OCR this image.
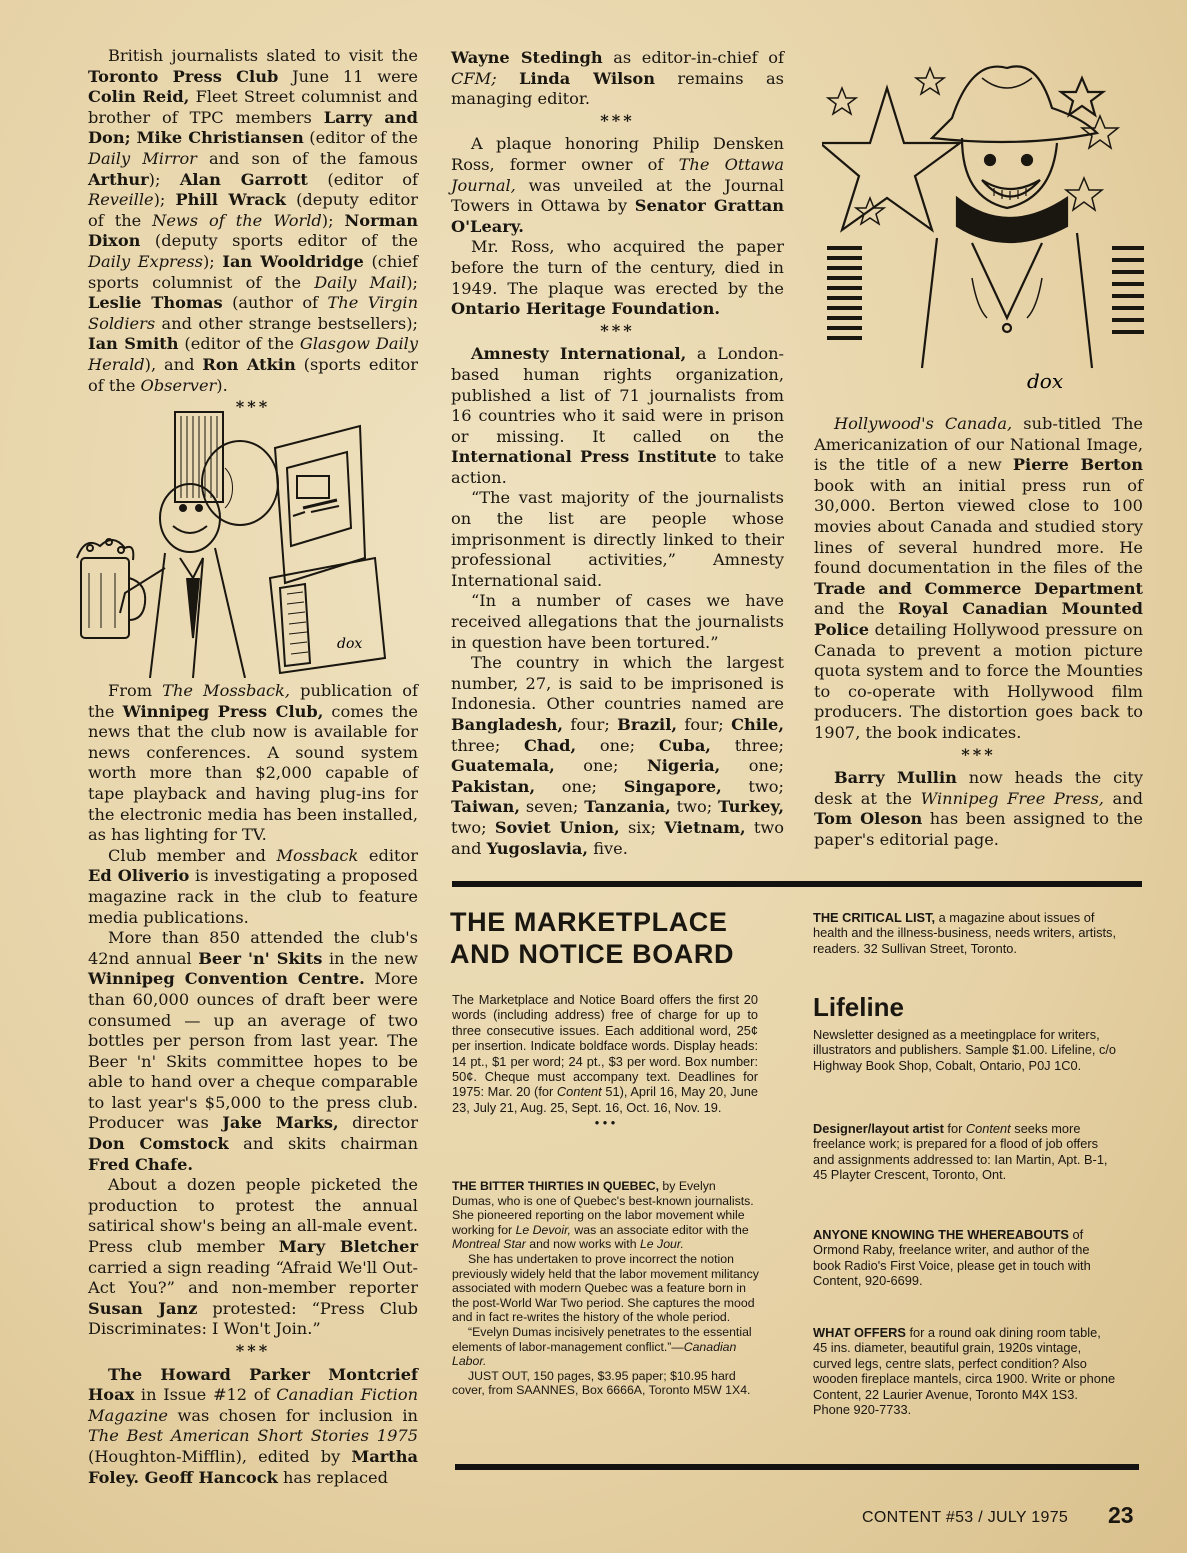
British journalists slated to visit the Toronto Press Club June 11 were Colin Reid, Fleet Street columnist and brother of TPC members Larry and Don; Mike Christiansen (editor of the Daily Mirror and son of the famous Arthur); Alan Garrott (editor of Reveille); Phill Wrack (deputy editor of the News of the World); Norman Dixon (deputy sports editor of the Daily Express); Ian Wooldridge (chief sports columnist of the Daily Mail); Leslie Thomas (author of The Virgin Soldiers and other strange bestsellers); Ian Smith (editor of the Glasgow Daily Herald), and Ron Atkin (sports editor of the Observer).

***
dox

From The Mossback, publication of the Winnipeg Press Club, comes the news that the club now is available for news conferences. A sound system worth more than $2,000 capable of tape playback and having plug-ins for the electronic media has been installed, as has lighting for TV.

Club member and Mossback editor Ed Oliverio is investigating a proposed magazine rack in the club to feature media publications.

More than 850 attended the club's 42nd annual Beer 'n' Skits in the new Winnipeg Convention Centre. More than 60,000 ounces of draft beer were consumed — up an average of two bottles per person from last year. The Beer 'n' Skits committee hopes to be able to hand over a cheque comparable to last year's $5,000 to the press club. Producer was Jake Marks, director Don Comstock and skits chairman Fred Chafe.

About a dozen people picketed the production to protest the annual satirical show's being an all-male event. Press club member Mary Bletcher carried a sign reading “Afraid We'll Out-Act You?” and non-member reporter Susan Janz protested: “Press Club Discriminates: I Won't Join.”

***

The Howard Parker Montcrief Hoax in Issue #12 of Canadian Fiction Magazine was chosen for inclusion in The Best American Short Stories 1975 (Houghton-Mifflin), edited by Martha Foley. Geoff Hancock has replaced

Wayne Stedingh as editor-in-chief of CFM; Linda Wilson remains as managing editor.

***

A plaque honoring Philip Densken Ross, former owner of The Ottawa Journal, was unveiled at the Journal Towers in Ottawa by Senator Grattan O'Leary.

Mr. Ross, who acquired the paper before the turn of the century, died in 1949. The plaque was erected by the Ontario Heritage Foundation.

***

Amnesty International, a London-based human rights organization, published a list of 71 journalists from 16 countries who it said were in prison or missing. It called on the International Press Institute to take action.

“The vast majority of the journalists on the list are people whose imprisonment is directly linked to their professional activities,” Amnesty International said.

“In a number of cases we have received allegations that the journalists in question have been tortured.”

The country in which the largest number, 27, is said to be imprisoned is Indonesia. Other countries named are Bangladesh, four; Brazil, four; Chile, three; Chad, one; Cuba, three; Guatemala, one; Nigeria, one; Pakistan, one; Singapore, two; Taiwan, seven; Tanzania, two; Turkey, two; Soviet Union, six; Vietnam, two and Yugoslavia, five.

dox

Hollywood's Canada, sub-titled The Americanization of our National Image, is the title of a new Pierre Berton book with an initial press run of 30,000. Berton viewed close to 100 movies about Canada and studied story lines of several hundred more. He found documentation in the files of the Trade and Commerce Department and the Royal Canadian Mounted Police detailing Hollywood pressure on Canada to prevent a motion picture quota system and to force the Mounties to co-operate with Hollywood film producers. The distortion goes back to 1907, the book indicates.

***

Barry Mullin now heads the city desk at the Winnipeg Free Press, and Tom Oleson has been assigned to the paper's editorial page.

THE MARKETPLACE
AND NOTICE BOARD

The Marketplace and Notice Board offers the first 20 words (including address) free of charge for up to three consecutive issues. Each additional word, 25¢ per insertion. Indicate boldface words. Display heads: 14 pt., $1 per word; 24 pt., $3 per word. Box number: 50¢. Cheque must accompany text. Deadlines for 1975: Mar. 20 (for Content 51), April 16, May 20, June 23, July 21, Aug. 25, Sept. 16, Oct. 16, Nov. 19.

• • •

THE BITTER THIRTIES IN QUEBEC, by Evelyn Dumas, who is one of Quebec's best-known journalists. She pioneered reporting on the labor movement while working for Le Devoir, was an associate editor with the Montreal Star and now works with Le Jour.

She has undertaken to prove incorrect the notion previously widely held that the labor movement militancy associated with modern Quebec was a feature born in the post-World War Two period. She captures the mood and in fact re-writes the history of the whole period.

“Evelyn Dumas incisively penetrates to the essential elements of labor-management conflict.”—Canadian Labor.

JUST OUT, 150 pages, $3.95 paper; $10.95 hard cover, from SAANNES, Box 6666A, Toronto M5W 1X4.

THE CRITICAL LIST, a magazine about issues of health and the illness-business, needs writers, artists, readers. 32 Sullivan Street, Toronto.

Lifeline

Newsletter designed as a meetingplace for writers, illustrators and publishers. Sample $1.00. Lifeline, c/o Highway Book Shop, Cobalt, Ontario, P0J 1C0.

Designer/layout artist for Content seeks more freelance work; is prepared for a flood of job offers and assignments addressed to: Ian Martin, Apt. B-1, 45 Playter Crescent, Toronto, Ont.

ANYONE KNOWING THE WHEREABOUTS of Ormond Raby, freelance writer, and author of the book Radio's First Voice, please get in touch with Content, 920-6699.

WHAT OFFERS for a round oak dining room table, 45 ins. diameter, beautiful grain, 1920s vintage, curved legs, centre slats, perfect condition? Also wooden fireplace mantels, circa 1900. Write or phone Content, 22 Laurier Avenue, Toronto M4X 1S3. Phone 920-7733.

CONTENT #53 / JULY 1975 23
